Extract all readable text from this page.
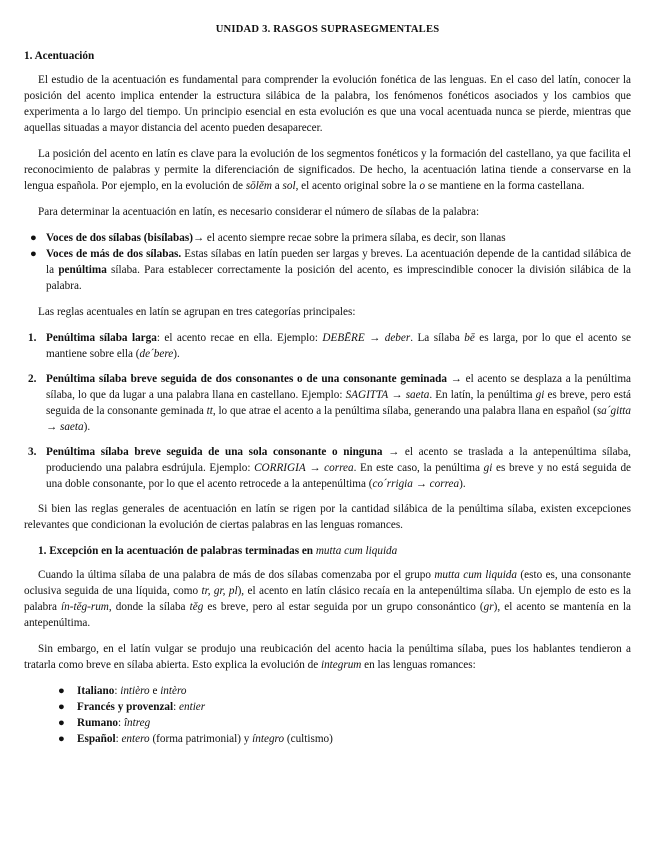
UNIDAD 3. RASGOS SUPRASEGMENTALES
1. Acentuación

El estudio de la acentuación es fundamental para comprender la evolución fonética de las lenguas. En el caso del latín, conocer la posición del acento implica entender la estructura silábica de la palabra, los fenómenos fonéticos asociados y los cambios que experimenta a lo largo del tiempo. Un principio esencial en esta evolución es que una vocal acentuada nunca se pierde, mientras que aquellas situadas a mayor distancia del acento pueden desaparecer.

La posición del acento en latín es clave para la evolución de los segmentos fonéticos y la formación del castellano, ya que facilita el reconocimiento de palabras y permite la diferenciación de significados. De hecho, la acentuación latina tiende a conservarse en la lengua española. Por ejemplo, en la evolución de sōlĕm a sol, el acento original sobre la o se mantiene en la forma castellana.

Para determinar la acentuación en latín, es necesario considerar el número de sílabas de la palabra:

● Voces de dos sílabas (bisílabas)→ el acento siempre recae sobre la primera sílaba, es decir, son llanas
● Voces de más de dos sílabas. Estas sílabas en latín pueden ser largas y breves. La acentuación depende de la cantidad silábica de la penúltima sílaba. Para establecer correctamente la posición del acento, es imprescindible conocer la división silábica de la palabra.

Las reglas acentuales en latín se agrupan en tres categorías principales:

1. Penúltima sílaba larga: el acento recae en ella. Ejemplo: DEBĒRE → deber. La sílaba bē es larga, por lo que el acento se mantiene sobre ella (de´bere).
2. Penúltima sílaba breve seguida de dos consonantes o de una consonante geminada → el acento se desplaza a la penúltima sílaba, lo que da lugar a una palabra llana en castellano. Ejemplo: SAGITTA → saeta. En latín, la penúltima gi es breve, pero está seguida de la consonante geminada tt, lo que atrae el acento a la penúltima sílaba, generando una palabra llana en español (sa´gitta → saeta).
3. Penúltima sílaba breve seguida de una sola consonante o ninguna → el acento se traslada a la antepenúltima sílaba, produciendo una palabra esdrújula. Ejemplo: CORRIGIA → correa. En este caso, la penúltima gi es breve y no está seguida de una doble consonante, por lo que el acento retrocede a la antepenúltima (co´rrigia → correa).

Si bien las reglas generales de acentuación en latín se rigen por la cantidad silábica de la penúltima sílaba, existen excepciones relevantes que condicionan la evolución de ciertas palabras en las lenguas romances.

1. Excepción en la acentuación de palabras terminadas en mutta cum liquida

Cuando la última sílaba de una palabra de más de dos sílabas comenzaba por el grupo mutta cum liquida (esto es, una consonante oclusiva seguida de una líquida, como tr, gr, pl), el acento en latín clásico recaía en la antepenúltima sílaba. Un ejemplo de esto es la palabra ín-tĕg-rum, donde la sílaba tĕg es breve, pero al estar seguida por un grupo consonántico (gr), el acento se mantenía en la antepenúltima.

Sin embargo, en el latín vulgar se produjo una reubicación del acento hacia la penúltima sílaba, pues los hablantes tendieron a tratarla como breve en sílaba abierta. Esto explica la evolución de integrum en las lenguas romances:

● Italiano: intièro e intèro
● Francés y provenzal: entier
● Rumano: întreg
● Español: entero (forma patrimonial) y íntegro (cultismo)
